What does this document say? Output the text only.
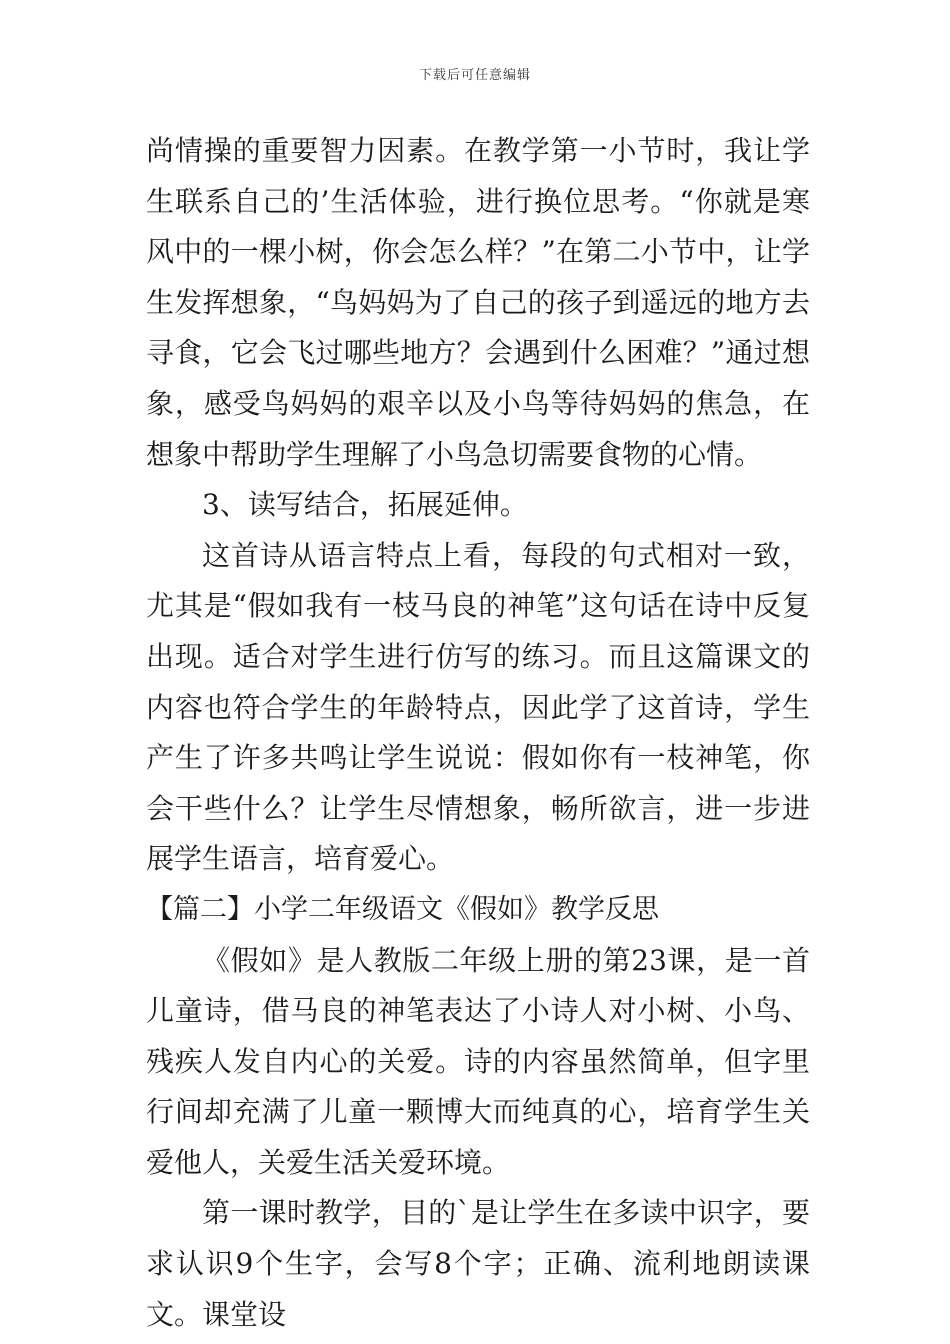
下载后可任意编辑

尚情操的重要智力因素。在教学第一小节时，我让学生联系自己的’生活体验，进行换位思考。“你就是寒风中的一棵小树，你会怎么样？”在第二小节中，让学生发挥想象，“鸟妈妈为了自己的孩子到遥远的地方去寻食，它会飞过哪些地方？会遇到什么困难？”通过想象，感受鸟妈妈的艰辛以及小鸟等待妈妈的焦急，在想象中帮助学生理解了小鸟急切需要食物的心情。

3、读写结合，拓展延伸。

这首诗从语言特点上看，每段的句式相对一致，尤其是“假如我有一枝马良的神笔”这句话在诗中反复出现。适合对学生进行仿写的练习。而且这篇课文的内容也符合学生的年龄特点，因此学了这首诗，学生产生了许多共鸣让学生说说：假如你有一枝神笔，你会干些什么？让学生尽情想象，畅所欲言，进一步进展学生语言，培育爱心。

【篇二】小学二年级语文《假如》教学反思

《假如》是人教版二年级上册的第23课，是一首儿童诗，借马良的神笔表达了小诗人对小树、小鸟、残疾人发自内心的关爱。诗的内容虽然简单，但字里行间却充满了儿童一颗博大而纯真的心，培育学生关爱他人，关爱生活关爱环境。

第一课时教学，目的`是让学生在多读中识字，要求认识9个生字，会写8个字；正确、流利地朗读课文。课堂设
